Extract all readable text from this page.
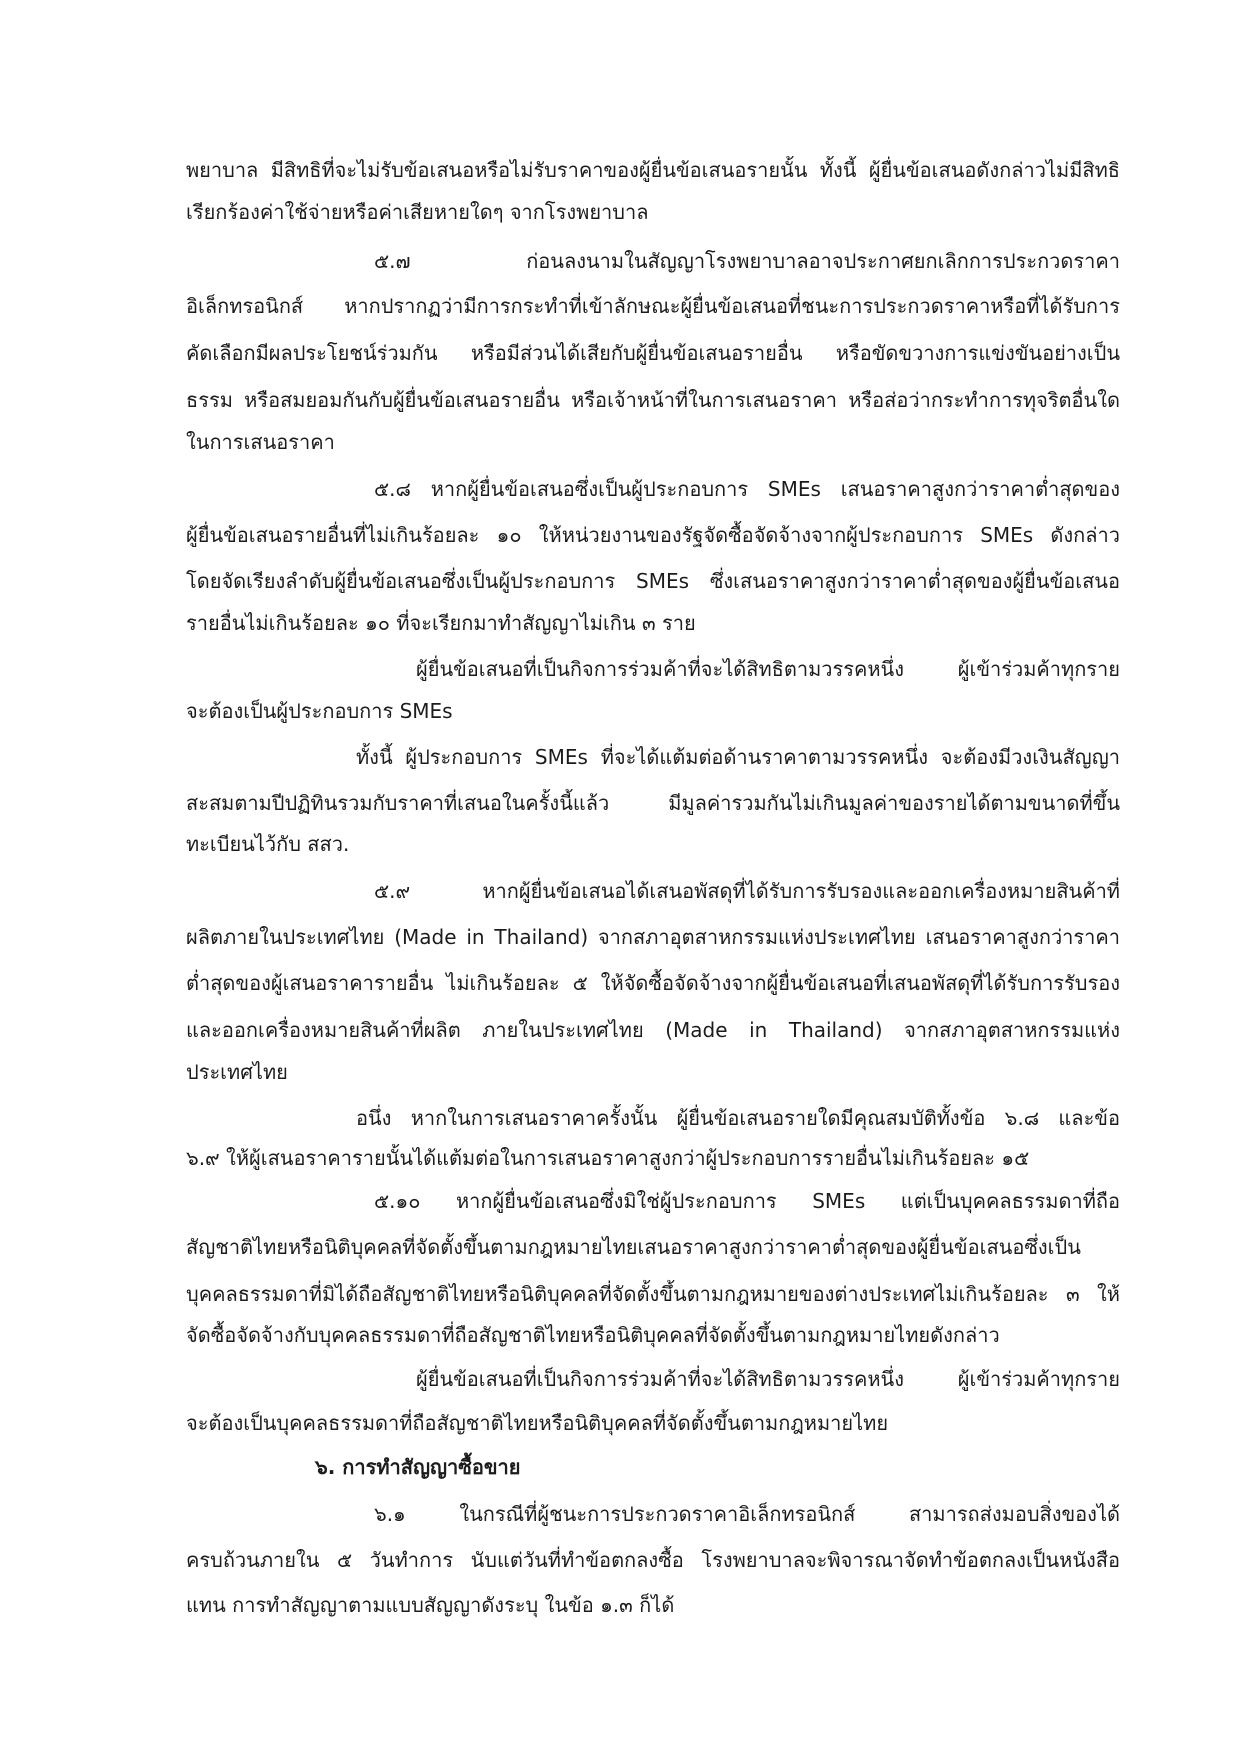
พยาบาล มีสิทธิที่จะไม่รับข้อเสนอหรือไม่รับราคาของผู้ยื่นข้อเสนอรายนั้น ทั้งนี้ ผู้ยื่นข้อเสนอดังกล่าวไม่มีสิทธิ
เรียกร้องค่าใช้จ่ายหรือค่าเสียหายใดๆ จากโรงพยาบาล
๕.๗ ก่อนลงนามในสัญญาโรงพยาบาลอาจประกาศยกเลิกการประกวดราคา
อิเล็กทรอนิกส์ หากปรากฏว่ามีการกระทำที่เข้าลักษณะผู้ยื่นข้อเสนอที่ชนะการประกวดราคาหรือที่ได้รับการ
คัดเลือกมีผลประโยชน์ร่วมกัน หรือมีส่วนได้เสียกับผู้ยื่นข้อเสนอรายอื่น หรือขัดขวางการแข่งขันอย่างเป็น
ธรรม หรือสมยอมกันกับผู้ยื่นข้อเสนอรายอื่น หรือเจ้าหน้าที่ในการเสนอราคา หรือส่อว่ากระทำการทุจริตอื่นใด
ในการเสนอราคา
๕.๘ หากผู้ยื่นข้อเสนอซึ่งเป็นผู้ประกอบการ SMEs เสนอราคาสูงกว่าราคาต่ำสุดของ
ผู้ยื่นข้อเสนอรายอื่นที่ไม่เกินร้อยละ ๑๐ ให้หน่วยงานของรัฐจัดซื้อจัดจ้างจากผู้ประกอบการ SMEs ดังกล่าว
โดยจัดเรียงลำดับผู้ยื่นข้อเสนอซึ่งเป็นผู้ประกอบการ SMEs ซึ่งเสนอราคาสูงกว่าราคาต่ำสุดของผู้ยื่นข้อเสนอ
รายอื่นไม่เกินร้อยละ ๑๐ ที่จะเรียกมาทำสัญญาไม่เกิน ๓ ราย
ผู้ยื่นข้อเสนอที่เป็นกิจการร่วมค้าที่จะได้สิทธิตามวรรคหนึ่ง ผู้เข้าร่วมค้าทุกราย
จะต้องเป็นผู้ประกอบการ SMEs
ทั้งนี้ ผู้ประกอบการ SMEs ที่จะได้แต้มต่อด้านราคาตามวรรคหนึ่ง จะต้องมีวงเงินสัญญา
สะสมตามปีปฏิทินรวมกับราคาที่เสนอในครั้งนี้แล้ว มีมูลค่ารวมกันไม่เกินมูลค่าของรายได้ตามขนาดที่ขึ้น
ทะเบียนไว้กับ สสว.
๕.๙ หากผู้ยื่นข้อเสนอได้เสนอพัสดุที่ได้รับการรับรองและออกเครื่องหมายสินค้าที่
ผลิตภายในประเทศไทย (Made in Thailand) จากสภาอุตสาหกรรมแห่งประเทศไทย เสนอราคาสูงกว่าราคา
ต่ำสุดของผู้เสนอราคารายอื่น ไม่เกินร้อยละ ๕ ให้จัดซื้อจัดจ้างจากผู้ยื่นข้อเสนอที่เสนอพัสดุที่ได้รับการรับรอง
และออกเครื่องหมายสินค้าที่ผลิต ภายในประเทศไทย (Made in Thailand) จากสภาอุตสาหกรรมแห่ง
ประเทศไทย
อนึ่ง หากในการเสนอราคาครั้งนั้น ผู้ยื่นข้อเสนอรายใดมีคุณสมบัติทั้งข้อ ๖.๘ และข้อ
๖.๙ ให้ผู้เสนอราคารายนั้นได้แต้มต่อในการเสนอราคาสูงกว่าผู้ประกอบการรายอื่นไม่เกินร้อยละ ๑๕
๕.๑๐ หากผู้ยื่นข้อเสนอซึ่งมิใช่ผู้ประกอบการ SMEs แต่เป็นบุคคลธรรมดาที่ถือ
สัญชาติไทยหรือนิติบุคคลที่จัดตั้งขึ้นตามกฎหมายไทยเสนอราคาสูงกว่าราคาต่ำสุดของผู้ยื่นข้อเสนอซึ่งเป็น
บุคคลธรรมดาที่มิได้ถือสัญชาติไทยหรือนิติบุคคลที่จัดตั้งขึ้นตามกฎหมายของต่างประเทศไม่เกินร้อยละ ๓ ให้
จัดซื้อจัดจ้างกับบุคคลธรรมดาที่ถือสัญชาติไทยหรือนิติบุคคลที่จัดตั้งขึ้นตามกฎหมายไทยดังกล่าว
ผู้ยื่นข้อเสนอที่เป็นกิจการร่วมค้าที่จะได้สิทธิตามวรรคหนึ่ง ผู้เข้าร่วมค้าทุกราย
จะต้องเป็นบุคคลธรรมดาที่ถือสัญชาติไทยหรือนิติบุคคลที่จัดตั้งขึ้นตามกฎหมายไทย
๖. การทำสัญญาซื้อขาย
๖.๑ ในกรณีที่ผู้ชนะการประกวดราคาอิเล็กทรอนิกส์ สามารถส่งมอบสิ่งของได้
ครบถ้วนภายใน ๕ วันทำการ นับแต่วันที่ทำข้อตกลงซื้อ โรงพยาบาลจะพิจารณาจัดทำข้อตกลงเป็นหนังสือ
แทน การทำสัญญาตามแบบสัญญาดังระบุ ในข้อ ๑.๓ ก็ได้
